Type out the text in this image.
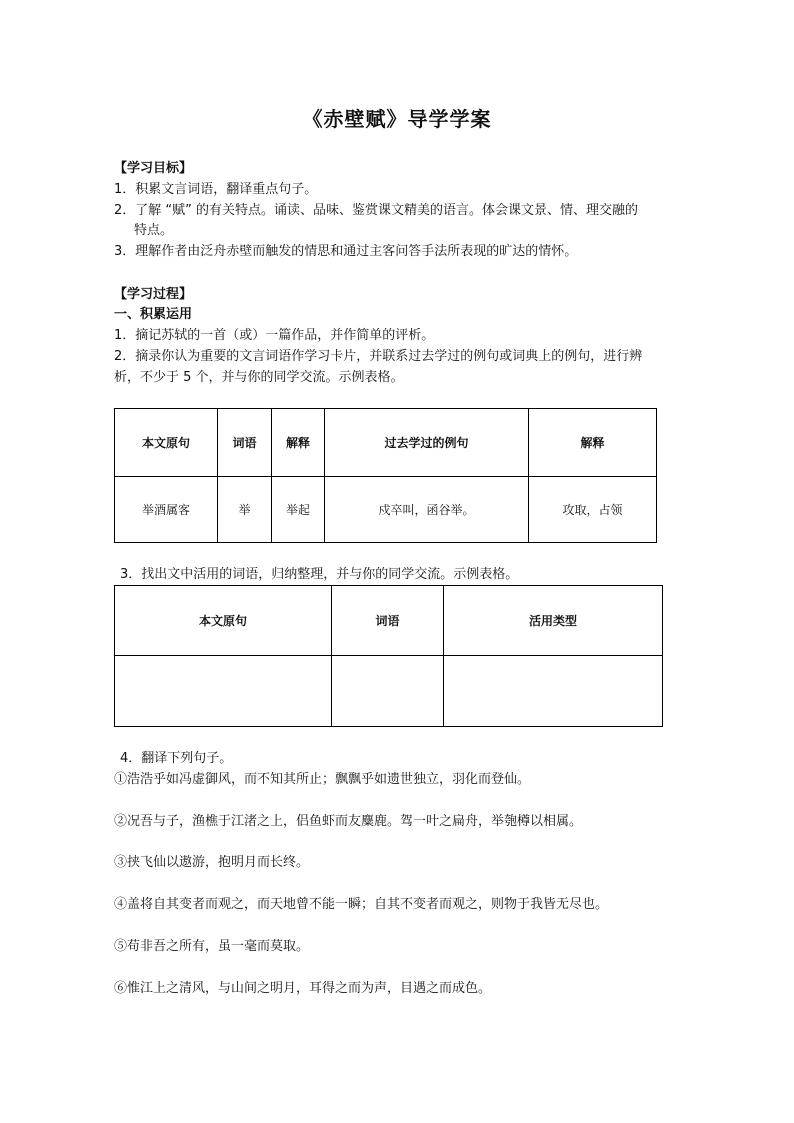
《赤壁赋》导学学案
【学习目标】
1．积累文言词语，翻译重点句子。
2．了解 “赋” 的有关特点。诵读、品味、鉴赏课文精美的语言。体会课文景、情、理交融的
特点。
3．理解作者由泛舟赤壁而触发的情思和通过主客问答手法所表现的旷达的情怀。
【学习过程】
一、积累运用
1．摘记苏轼的一首（或）一篇作品，并作简单的评析。
2．摘录你认为重要的文言词语作学习卡片，并联系过去学过的例句或词典上的例句，进行辨
析，不少于 5 个，并与你的同学交流。示例表格。
本文原句	词语	解释	过去学过的例句	解释
举酒属客	举	举起	戍卒叫，函谷举。	攻取，占领
3．找出文中活用的词语，归纳整理，并与你的同学交流。示例表格。
本文原句	词语	活用类型

4．翻译下列句子。
①浩浩乎如冯虚御风，而不知其所止；飘飘乎如遗世独立，羽化而登仙。
②况吾与子，渔樵于江渚之上，侣鱼虾而友麋鹿。驾一叶之扁舟，举匏樽以相属。
③挟飞仙以遨游，抱明月而长终。
④盖将自其变者而观之，而天地曾不能一瞬；自其不变者而观之，则物于我皆无尽也。
⑤苟非吾之所有，虽一毫而莫取。
⑥惟江上之清风，与山间之明月，耳得之而为声，目遇之而成色。
